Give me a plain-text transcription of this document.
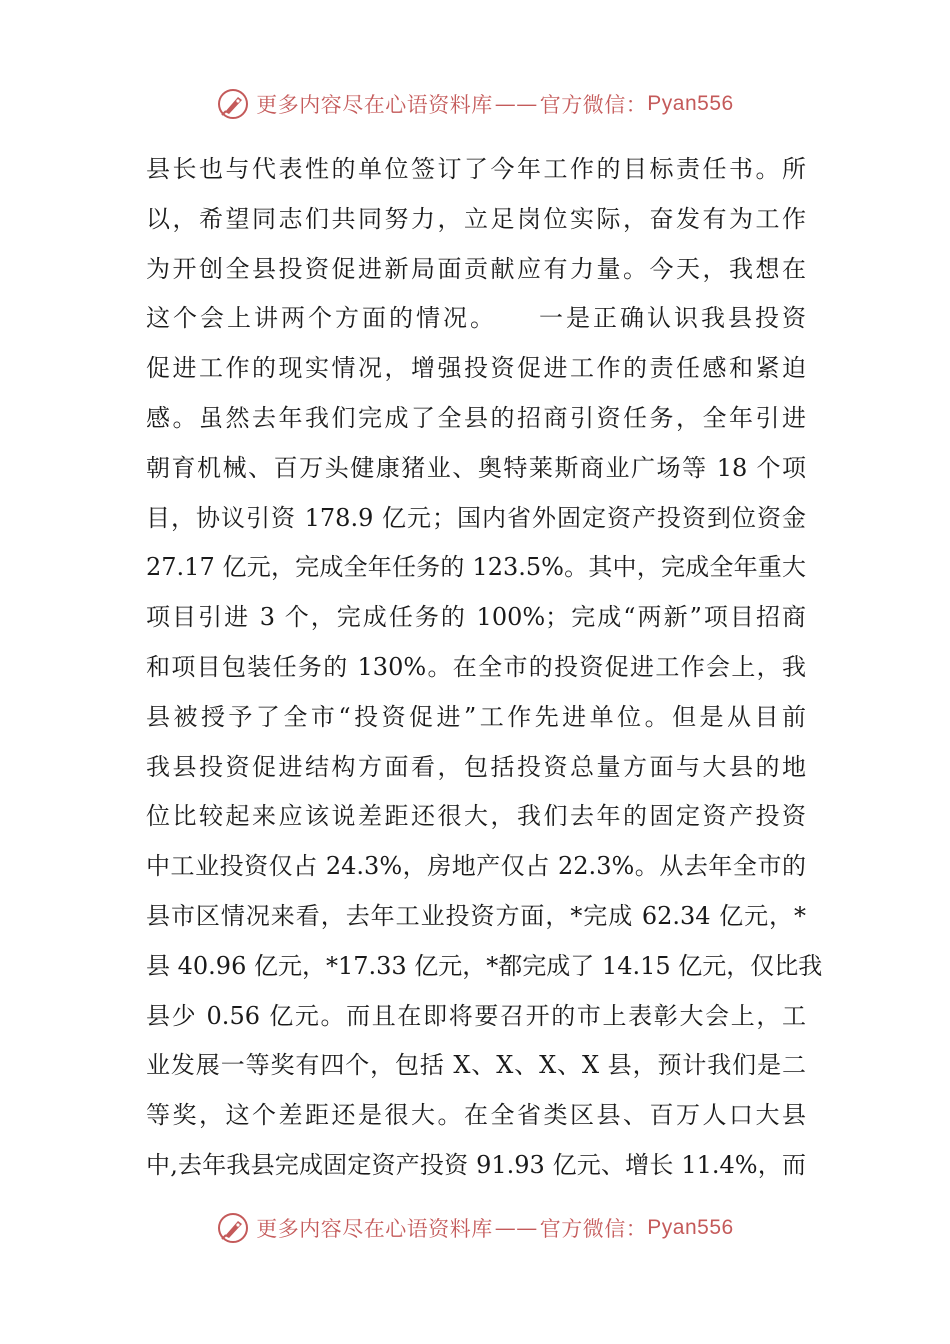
更多内容尽在心语资料库 —— 官方微信： Pyan556
县长也与代表性的单位签订了今年工作的目标责任书。所
以，希望同志们共同努力，立足岗位实际，奋发有为工作
为开创全县投资促进新局面贡献应有力量。今天，我想在
这个会上讲两个方面的情况。　　一是正确认识我县投资
促进工作的现实情况，增强投资促进工作的责任感和紧迫
感。虽然去年我们完成了全县的招商引资任务，全年引进
朝育机械、百万头健康猪业、奥特莱斯商业广场等 18 个项
目，协议引资 178.9 亿元；国内省外固定资产投资到位资金
27.17 亿元，完成全年任务的 123.5%。其中，完成全年重大
项目引进 3 个，完成任务的 100%；完成“两新”项目招商
和项目包装任务的 130%。在全市的投资促进工作会上，我
县被授予了全市“投资促进”工作先进单位。但是从目前
我县投资促进结构方面看，包括投资总量方面与大县的地
位比较起来应该说差距还很大，我们去年的固定资产投资
中工业投资仅占 24.3%，房地产仅占 22.3%。从去年全市的
县市区情况来看，去年工业投资方面，*完成 62.34 亿元，*
县 40.96 亿元，*17.33 亿元，*都完成了 14.15 亿元，仅比我
县少 0.56 亿元。而且在即将要召开的市上表彰大会上，工
业发展一等奖有四个，包括 X、X、X、X 县，预计我们是二
等奖，这个差距还是很大。在全省类区县、百万人口大县
中,去年我县完成固定资产投资 91.93 亿元、增长 11.4%，而
更多内容尽在心语资料库 —— 官方微信： Pyan556
